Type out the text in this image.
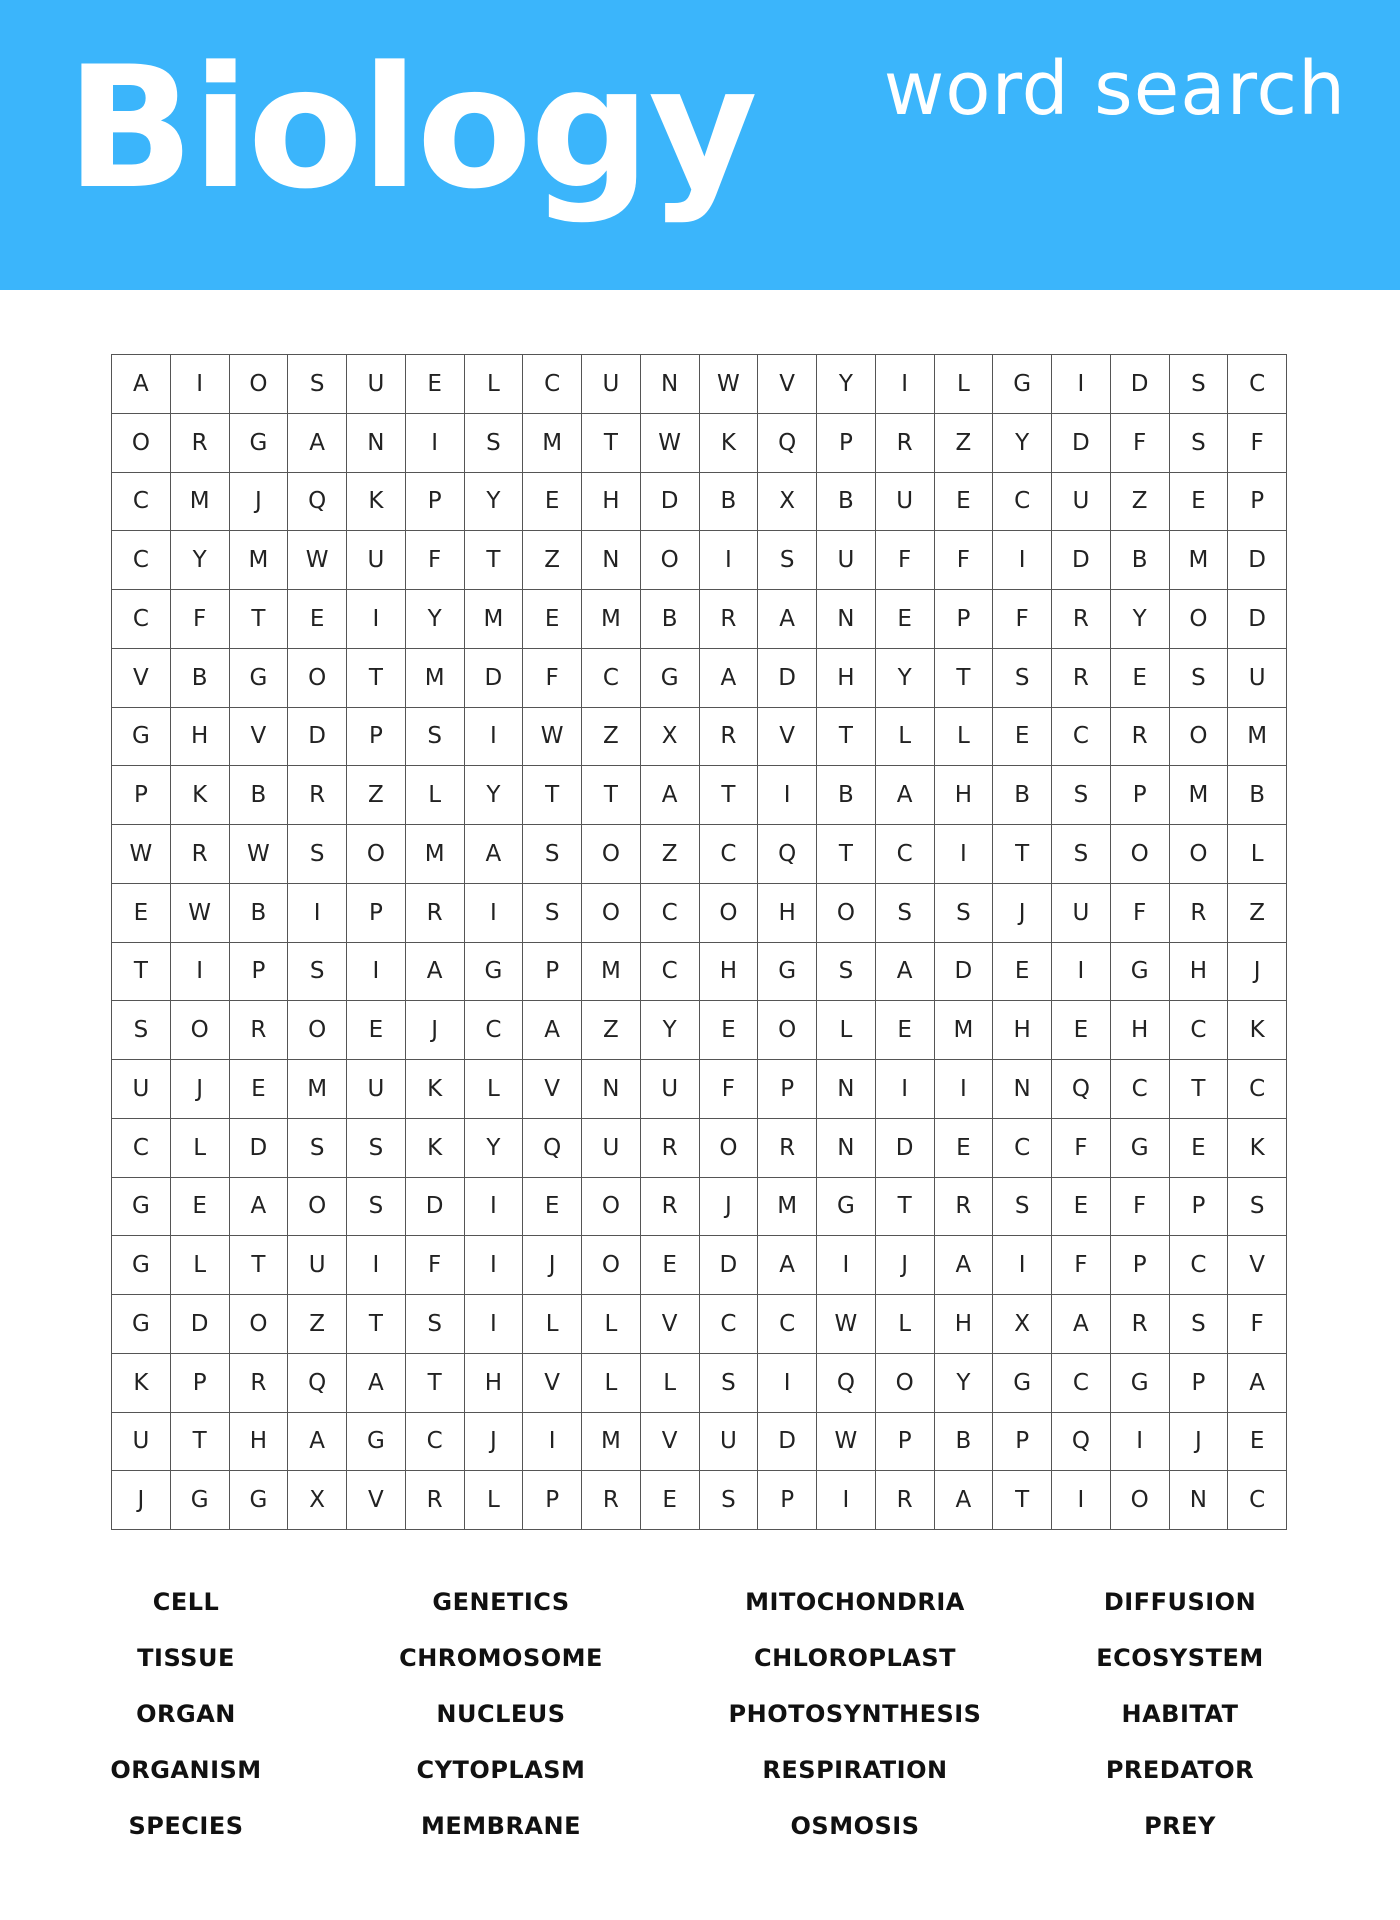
Biology word search
A	I	O	S	U	E	L	C	U	N	W	V	Y	I	L	G	I	D	S	C
O	R	G	A	N	I	S	M	T	W	K	Q	P	R	Z	Y	D	F	S	F
C	M	J	Q	K	P	Y	E	H	D	B	X	B	U	E	C	U	Z	E	P
C	Y	M	W	U	F	T	Z	N	O	I	S	U	F	F	I	D	B	M	D
C	F	T	E	I	Y	M	E	M	B	R	A	N	E	P	F	R	Y	O	D
V	B	G	O	T	M	D	F	C	G	A	D	H	Y	T	S	R	E	S	U
G	H	V	D	P	S	I	W	Z	X	R	V	T	L	L	E	C	R	O	M
P	K	B	R	Z	L	Y	T	T	A	T	I	B	A	H	B	S	P	M	B
W	R	W	S	O	M	A	S	O	Z	C	Q	T	C	I	T	S	O	O	L
E	W	B	I	P	R	I	S	O	C	O	H	O	S	S	J	U	F	R	Z
T	I	P	S	I	A	G	P	M	C	H	G	S	A	D	E	I	G	H	J
S	O	R	O	E	J	C	A	Z	Y	E	O	L	E	M	H	E	H	C	K
U	J	E	M	U	K	L	V	N	U	F	P	N	I	I	N	Q	C	T	C
C	L	D	S	S	K	Y	Q	U	R	O	R	N	D	E	C	F	G	E	K
G	E	A	O	S	D	I	E	O	R	J	M	G	T	R	S	E	F	P	S
G	L	T	U	I	F	I	J	O	E	D	A	I	J	A	I	F	P	C	V
G	D	O	Z	T	S	I	L	L	V	C	C	W	L	H	X	A	R	S	F
K	P	R	Q	A	T	H	V	L	L	S	I	Q	O	Y	G	C	G	P	A
U	T	H	A	G	C	J	I	M	V	U	D	W	P	B	P	Q	I	J	E
J	G	G	X	V	R	L	P	R	E	S	P	I	R	A	T	I	O	N	C
CELL	GENETICS	MITOCHONDRIA	DIFFUSION
TISSUE	CHROMOSOME	CHLOROPLAST	ECOSYSTEM
ORGAN	NUCLEUS	PHOTOSYNTHESIS	HABITAT
ORGANISM	CYTOPLASM	RESPIRATION	PREDATOR
SPECIES	MEMBRANE	OSMOSIS	PREY
